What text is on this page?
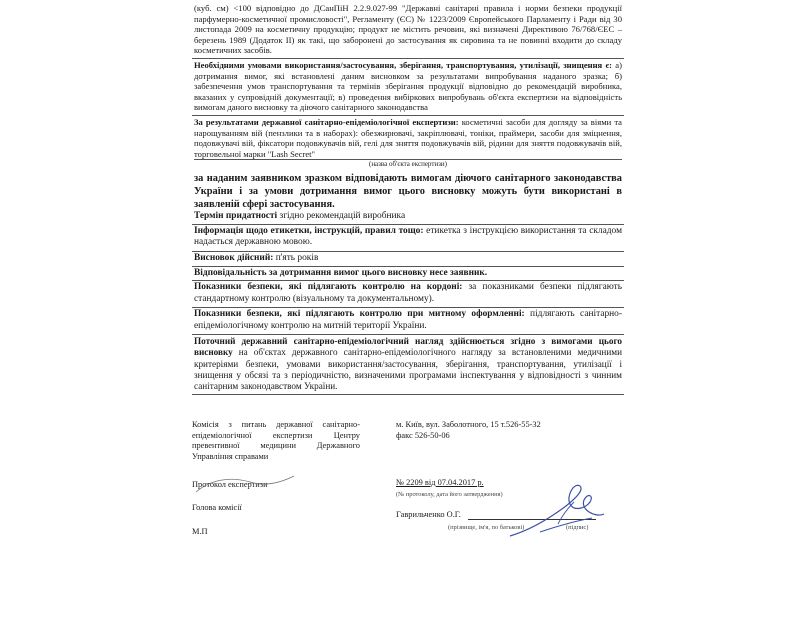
(куб. см) <100 відповідно до ДСанПіН 2.2.9.027-99 "Державні санітарні правила і норми безпеки продукції парфумерно-косметичної промисловості", Регламенту (ЄС) № 1223/2009 Європейського Парламенту і Ради від 30 листопада 2009 на косметичну продукцію; продукт не містить речовин, які визначені Директивою 76/768/ЄЕС – березень 1989 (Додаток ІІ) як такі, що заборонені до застосування як сировина та не повинні входити до складу косметичних засобів.

Необхідними умовами використання/застосування, зберігання, транспортування, утилізації, знищення є: а) дотримання вимог, які встановлені даним висновком за результатами випробування наданого зразка; б) забезпечення умов транспортування та термінів зберігання продукції відповідно до рекомендацій виробника, вказаних у супровідній документації; в) проведення вибіркових випробувань об'єкта експертизи на відповідність вимогам даного висновку та діючого санітарного законодавства

За результатами державної санітарно-епідеміологічної експертизи: косметичні засоби для догляду за віями та нарощуванням вій (пензлики та в наборах): обезжирювачі, закріплювачі, тоніки, праймери, засоби для зміцнення, подовжувачі вій, фіксатори подовжувачів вій, гелі для зняття подовжувачів вій, рідини для зняття подовжувачів вій, торговельної марки "Lash Secret"

(назва об'єкта експертизи)

за наданим заявником зразком відповідають вимогам діючого санітарного законодавства України і за умови дотримання вимог цього висновку можуть бути використані в заявленій сфері застосування.

Термін придатності згідно рекомендацій виробника

Інформація щодо етикетки, інструкцій, правил тощо: етикетка з інструкцією використання та складом надається державною мовою.

Висновок дійсний: п'ять років

Відповідальність за дотримання вимог цього висновку несе заявник.

Показники безпеки, які підлягають контролю на кордоні: за показниками безпеки підлягають стандартному контролю (візуальному та документальному).

Показники безпеки, які підлягають контролю при митному оформленні: підлягають санітарно-епідеміологічному контролю на митній території України.

Поточний державний санітарно-епідеміологічний нагляд здійснюється згідно з вимогами цього висновку на об'єктах державного санітарно-епідеміологічного нагляду за встановленими медичними критеріями безпеки, умовами використання/застосування, зберігання, транспортування, утилізації і знищення у обсязі та з періодичністю, визначеними програмами інспектування у відповідності з чинним санітарним законодавством України.

Комісія з питань державної санітарно-епідеміологічної експертизи Центру превентивної медицини Державного Управління справами
м. Київ, вул. Заболотного, 15 т.526-55-32
факс 526-50-06
Протокол експертизи	№ 2209 від 07.04.2017 р.
(№ протоколу, дата його затвердження)
Голова комісії
Гаврильченко О.Г.
(прізвище, ім'я, по батькові)	(підпис)
М.П
